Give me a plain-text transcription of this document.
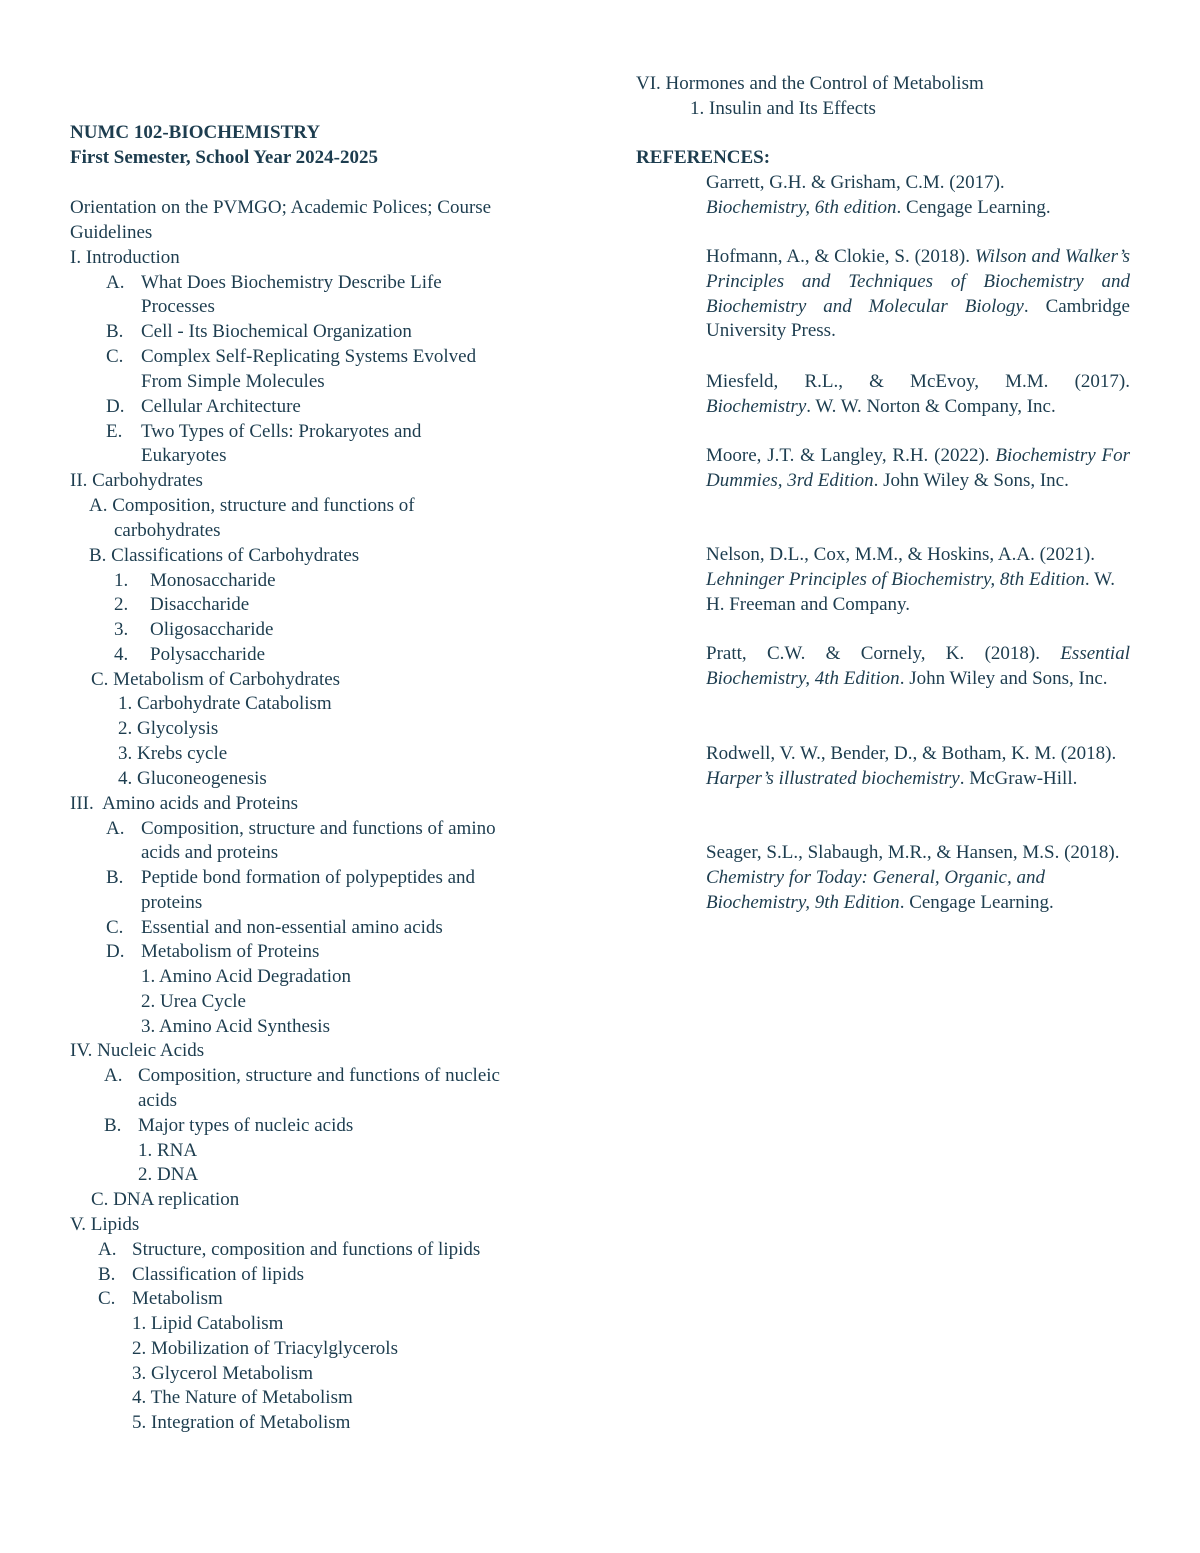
NUMC 102-BIOCHEMISTRY
First Semester, School Year 2024-2025
Orientation on the PVMGO; Academic Polices; Course
Guidelines
I. Introduction
A. What Does Biochemistry Describe Life
Processes
B. Cell - Its Biochemical Organization
C. Complex Self-Replicating Systems Evolved
From Simple Molecules
D. Cellular Architecture
E. Two Types of Cells: Prokaryotes and
Eukaryotes
II. Carbohydrates
A. Composition, structure and functions of
carbohydrates
B. Classifications of Carbohydrates
1. Monosaccharide
2. Disaccharide
3. Oligosaccharide
4. Polysaccharide
C. Metabolism of Carbohydrates
1. Carbohydrate Catabolism
2. Glycolysis
3. Krebs cycle
4. Gluconeogenesis
III.  Amino acids and Proteins
A. Composition, structure and functions of amino
acids and proteins
B. Peptide bond formation of polypeptides and
proteins
C. Essential and non-essential amino acids
D. Metabolism of Proteins
1. Amino Acid Degradation
2. Urea Cycle
3. Amino Acid Synthesis
IV. Nucleic Acids
A. Composition, structure and functions of nucleic
acids
B. Major types of nucleic acids
1. RNA
2. DNA
C. DNA replication
V. Lipids
A. Structure, composition and functions of lipids
B. Classification of lipids
C. Metabolism
1. Lipid Catabolism
2. Mobilization of Triacylglycerols
3. Glycerol Metabolism
4. The Nature of Metabolism
5. Integration of Metabolism
VI. Hormones and the Control of Metabolism
1. Insulin and Its Effects
REFERENCES:

Garrett, G.H. & Grisham, C.M. (2017).
Biochemistry, 6th edition. Cengage Learning.

Hofmann, A., & Clokie, S. (2018). Wilson and Walker’s Principles and Techniques of Biochemistry and Biochemistry and Molecular Biology. Cambridge University Press.

Miesfeld, R.L., & McEvoy, M.M. (2017). Biochemistry. W. W. Norton & Company, Inc.

Moore, J.T. & Langley, R.H. (2022). Biochemistry For Dummies, 3rd Edition. John Wiley & Sons, Inc.

Nelson, D.L., Cox, M.M., & Hoskins, A.A. (2021). Lehninger Principles of Biochemistry, 8th Edition. W. H. Freeman and Company.

Pratt, C.W. & Cornely, K. (2018). Essential Biochemistry, 4th Edition. John Wiley and Sons, Inc.

Rodwell, V. W., Bender, D., & Botham, K. M. (2018). Harper’s illustrated biochemistry. McGraw-Hill.

Seager, S.L., Slabaugh, M.R., & Hansen, M.S. (2018). Chemistry for Today: General, Organic, and Biochemistry, 9th Edition. Cengage Learning.
